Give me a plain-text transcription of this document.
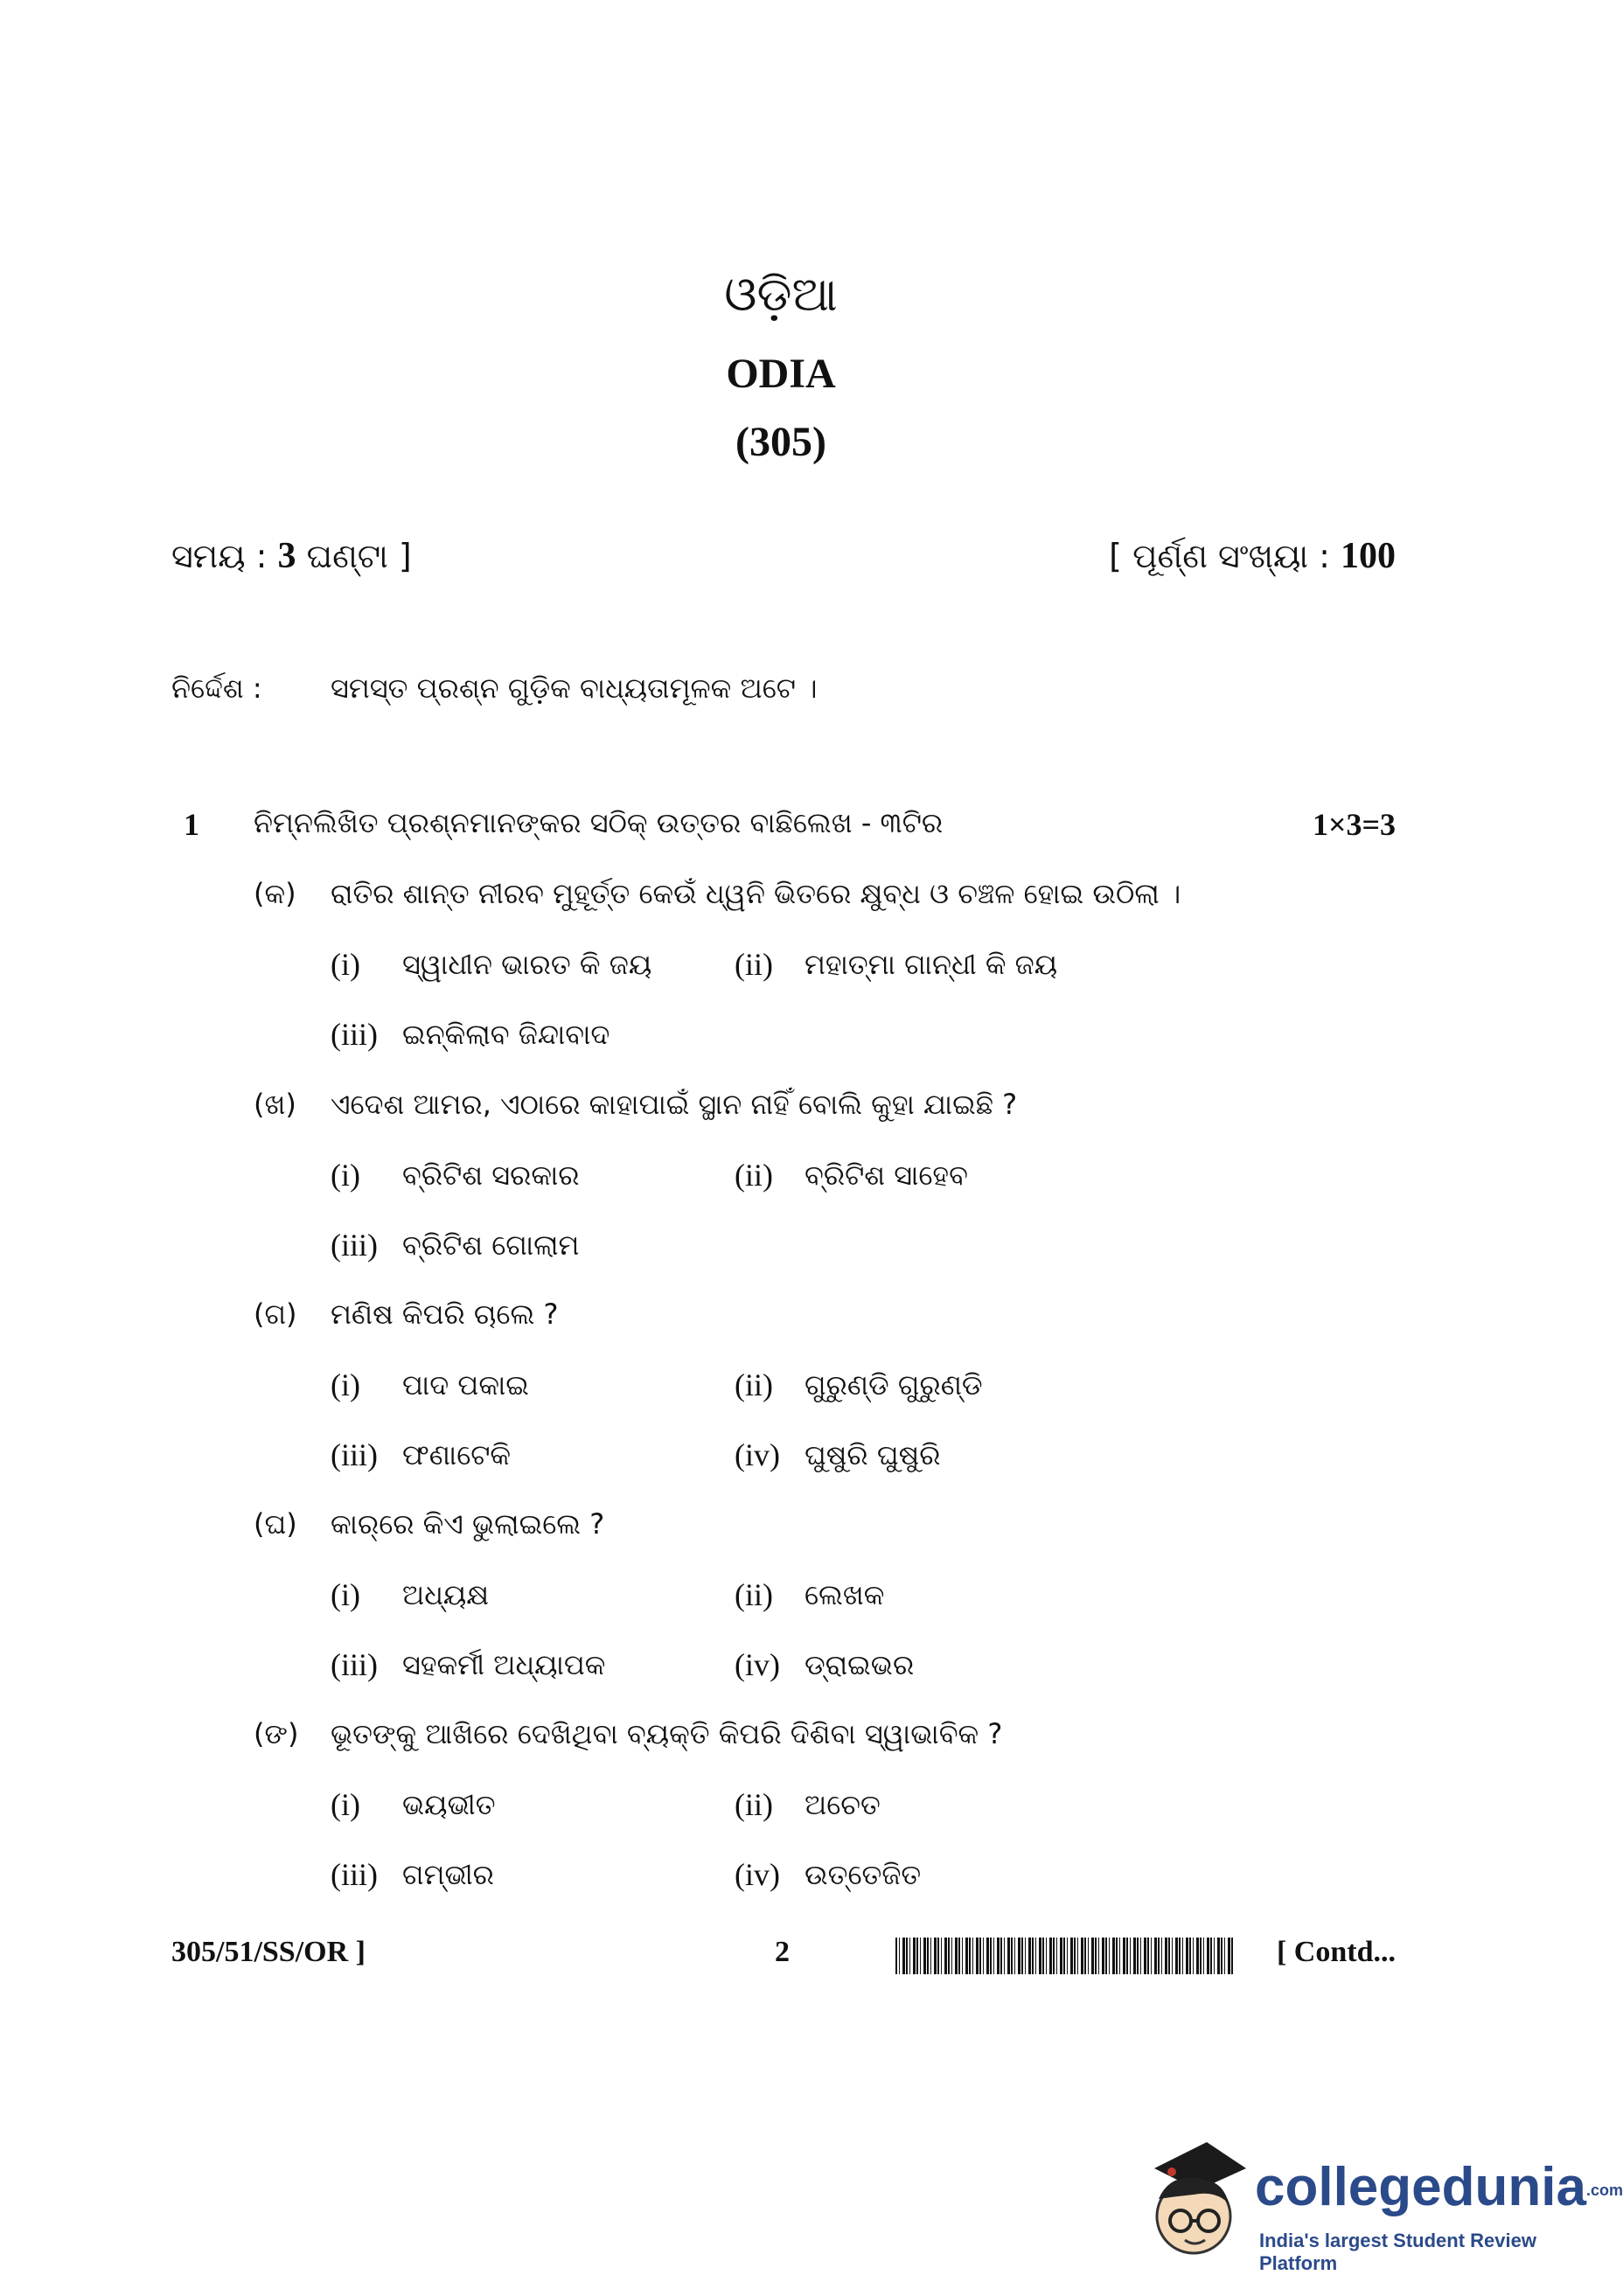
ଓଡ଼ିଆ
ODIA
(305)
ସମୟ : 3 ଘଣ୍ଟା ]	[ ପୂର୍ଣ୍ଣ ସଂଖ୍ୟା : 100
ନିର୍ଦ୍ଦେଶ : ସମସ୍ତ ପ୍ରଶ୍ନ ଗୁଡ଼ିକ ବାଧ୍ୟତାମୂଳକ ଅଟେ ।
1 ନିମ୍ନଲିଖିତ ପ୍ରଶ୍ନମାନଙ୍କର ସଠିକ୍ ଉତ୍ତର ବାଛିଲେଖ - ୩ଟିର	1×3=3
(କ) ରାତିର ଶାନ୍ତ ନୀରବ ମୁହୂର୍ତ୍ତ କେଉଁ ଧ୍ୱନି ଭିତରେ କ୍ଷୁବ୍ଧ ଓ ଚଞ୍ଚଳ ହୋଇ ଉଠିଲା ।
(i) ସ୍ୱାଧୀନ ଭାରତ କି ଜୟ	(ii) ମହାତ୍ମା ଗାନ୍ଧୀ କି ଜୟ
(iii) ଇନ୍‌କିଲାବ ଜିନ୍ଦାବାଦ
(ଖ) ଏଦେଶ ଆମର, ଏଠାରେ କାହାପାଇଁ ସ୍ଥାନ ନାହିଁ ବୋଲି କୁହା ଯାଇଛି ?
(i) ବ୍ରିଟିଶ ସରକାର	(ii) ବ୍ରିଟିଶ ସାହେବ
(iii) ବ୍ରିଟିଶ ଗୋଲାମ
(ଗ) ମଣିଷ କିପରି ଚାଲେ ?
(i) ପାଦ ପକାଇ	(ii) ଗୁରୁଣ୍ଡି ଗୁରୁଣ୍ଡି
(iii) ଫଣାଟେକି	(iv) ଘୁଷୁରି ଘୁଷୁରି
(ଘ) କାର୍‌ରେ କିଏ ଭୁଲାଇଲେ ?
(i) ଅଧ୍ୟକ୍ଷ	(ii) ଲେଖକ
(iii) ସହକର୍ମୀ ଅଧ୍ୟାପକ	(iv) ଡ୍ରାଇଭର
(ଙ) ଭୂତଙ୍କୁ ଆଖିରେ ଦେଖିଥିବା ବ୍ୟକ୍ତି କିପରି ଦିଶିବା ସ୍ୱାଭାବିକ ?
(i) ଭୟଭୀତ	(ii) ଅଚେତ
(iii) ଗମ୍ଭୀର	(iv) ଉତ୍ତେଜିତ
305/51/SS/OR ]	2	[ Contd...
collegedunia.com
India's largest Student Review Platform
